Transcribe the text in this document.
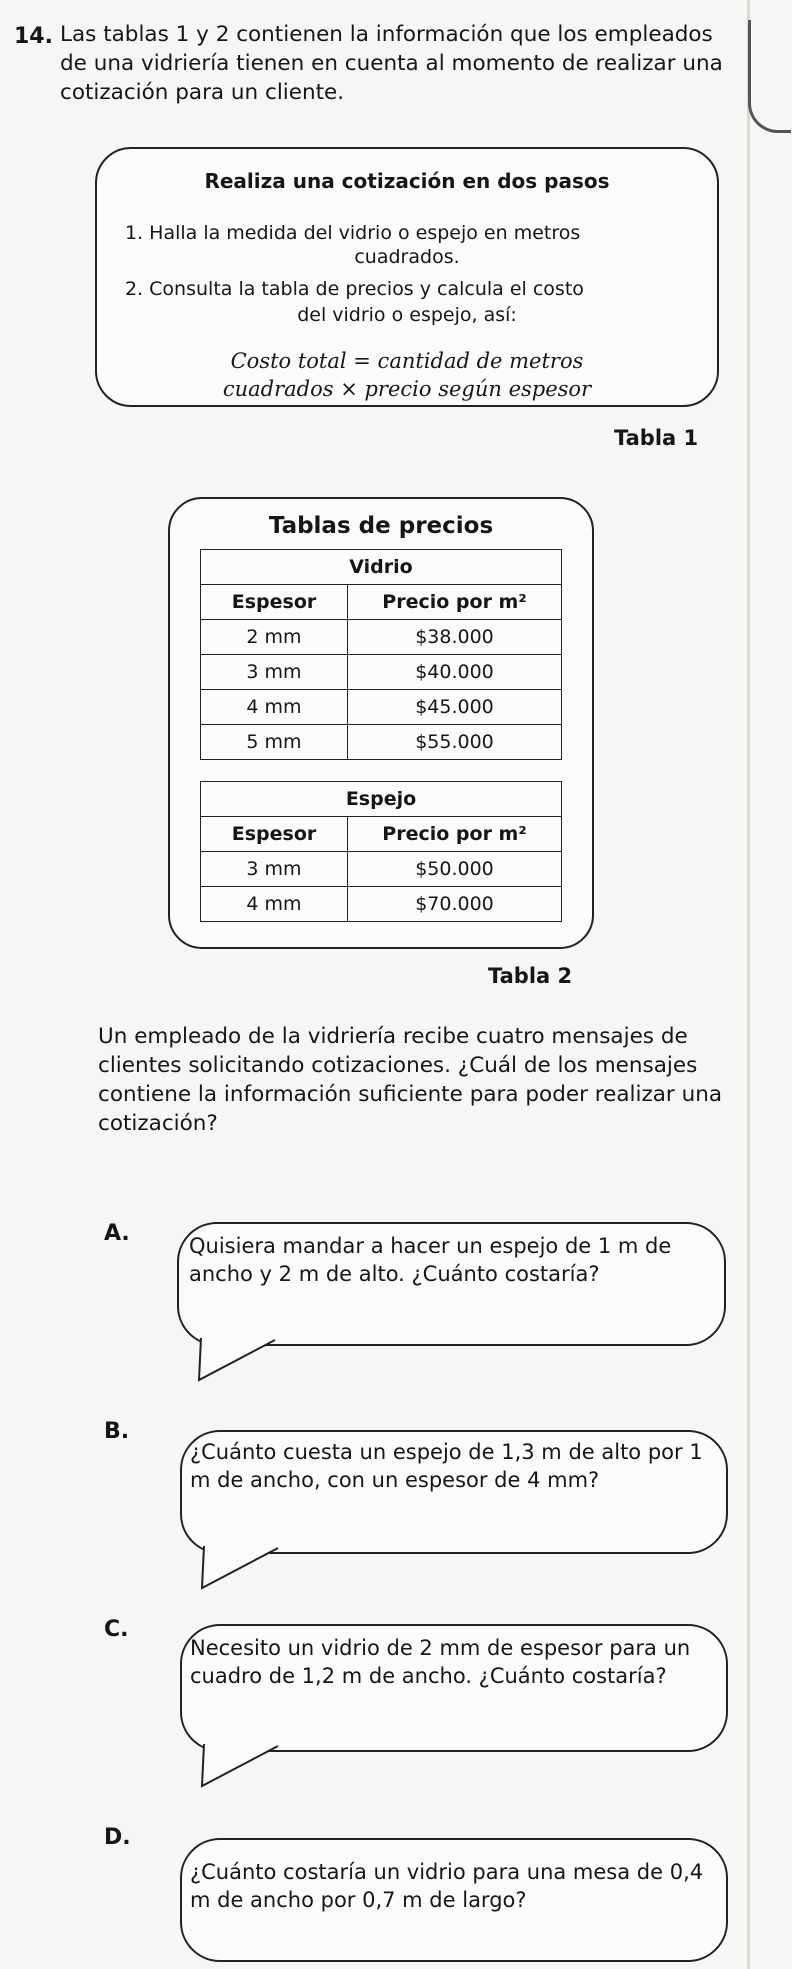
14. Las tablas 1 y 2 contienen la información que los empleados de una vidriería tienen en cuenta al momento de realizar una cotización para un cliente.
Realiza una cotización en dos pasos
1. Halla la medida del vidrio o espejo en metros
cuadrados.
2. Consulta la tabla de precios y calcula el costo
del vidrio o espejo, así:
Costo total = cantidad de metros
cuadrados × precio según espesor
Tabla 1
Tablas de precios
Vidrio	
Espesor	Precio por m²
2 mm	$38.000
3 mm	$40.000
4 mm	$45.000
5 mm	$55.000
Espejo	
Espesor	Precio por m²
3 mm	$50.000
4 mm	$70.000
Tabla 2
Un empleado de la vidriería recibe cuatro mensajes de clientes solicitando cotizaciones. ¿Cuál de los mensajes contiene la información suficiente para poder realizar una cotización?
A.	Quisiera mandar a hacer un espejo de 1 m de ancho y 2 m de alto. ¿Cuánto costaría?
B.
¿Cuánto cuesta un espejo de 1,3 m de alto por 1 m de ancho, con un espesor de 4 mm?
C.
Necesito un vidrio de 2 mm de espesor para un cuadro de 1,2 m de ancho. ¿Cuánto costaría?
D.
¿Cuánto costaría un vidrio para una mesa de 0,4 m de ancho por 0,7 m de largo?
